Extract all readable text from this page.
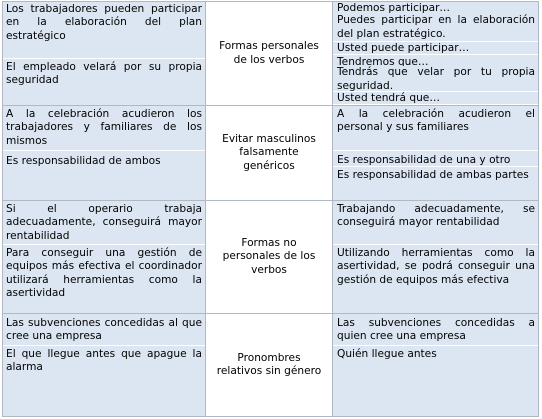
Los trabajadores pueden participar en la elaboración del plan estratégico
El empleado velará por su propia seguridad
Formas personales de los verbos
Podemos participar…
Puedes participar en la elaboración del plan estratégico.
Usted puede participar…
Tendremos que…
Tendrás que velar por tu propia seguridad.
Usted tendrá que…
A la celebración acudieron los trabajadores y familiares de los mismos
Es responsabilidad de ambos
Evitar masculinos falsamente genéricos
A la celebración acudieron el personal y sus familiares
Es responsabilidad de una y otro
Es responsabilidad de ambas partes
Si el operario trabaja adecuadamente, conseguirá mayor rentabilidad
Para conseguir una gestión de equipos más efectiva el coordinador utilizará herramientas como la asertividad
Formas no personales de los verbos
Trabajando adecuadamente, se conseguirá mayor rentabilidad
Utilizando herramientas como la asertividad, se podrá conseguir una gestión de equipos más efectiva
Las subvenciones concedidas al que cree una empresa
El que llegue antes que apague la alarma
Pronombres relativos sin género
Las subvenciones concedidas a quien cree una empresa
Quién llegue antes
